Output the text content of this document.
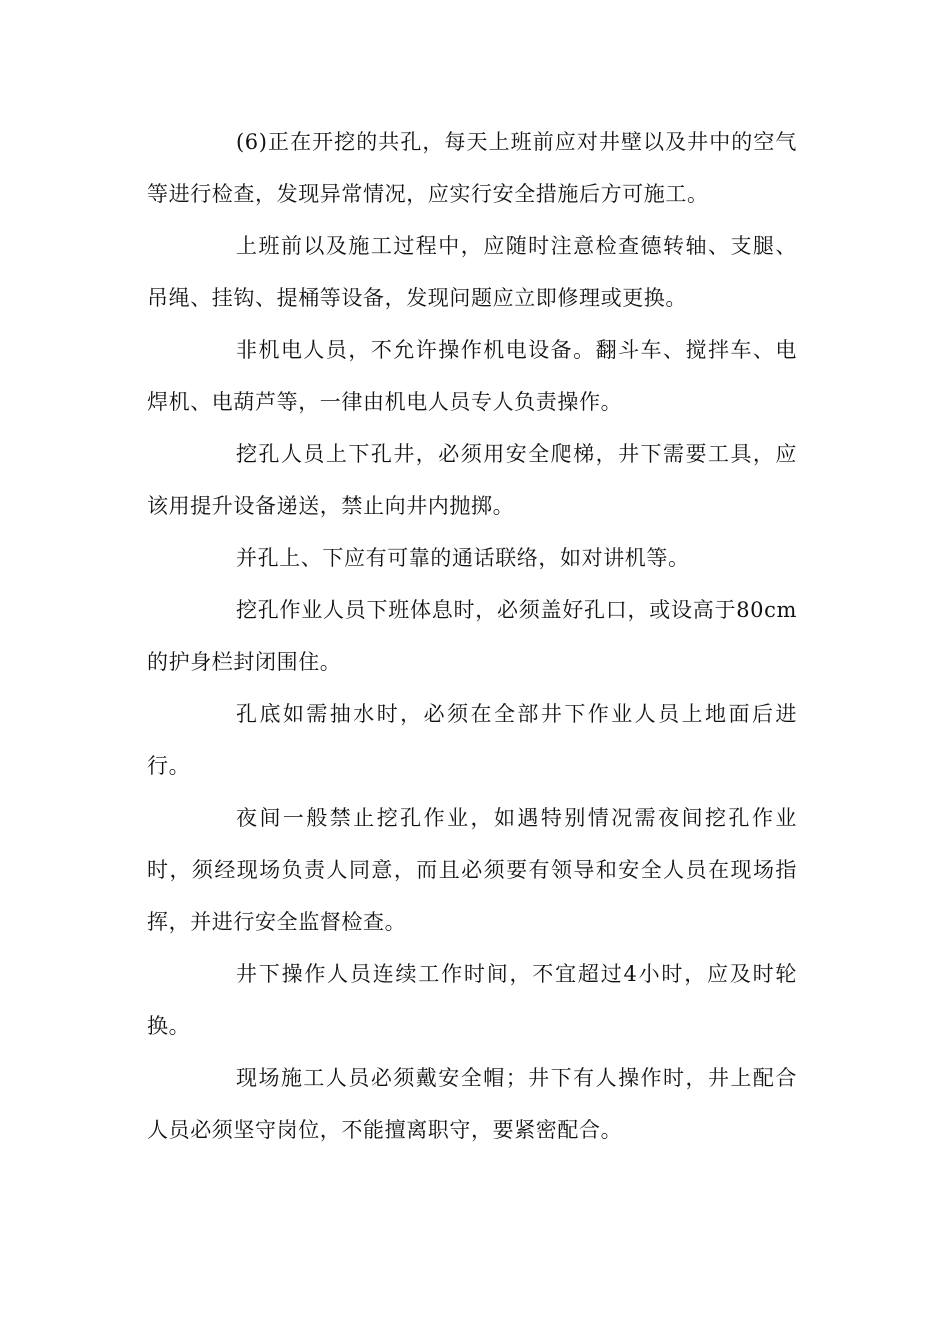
(6)正在开挖的共孔，每天上班前应对井壁以及井中的空气等进行检查，发现异常情况，应实行安全措施后方可施工。

上班前以及施工过程中，应随时注意检查德转轴、支腿、吊绳、挂钩、提桶等设备，发现问题应立即修理或更换。

非机电人员，不允许操作机电设备。翻斗车、搅拌车、电焊机、电葫芦等，一律由机电人员专人负责操作。

挖孔人员上下孔井，必须用安全爬梯，井下需要工具，应该用提升设备递送，禁止向井内抛掷。

并孔上、下应有可靠的通话联络，如对讲机等。

挖孔作业人员下班体息时，必须盖好孔口，或设高于80cm的护身栏封闭围住。

孔底如需抽水时，必须在全部井下作业人员上地面后进行。

夜间一般禁止挖孔作业，如遇特别情况需夜间挖孔作业时，须经现场负责人同意，而且必须要有领导和安全人员在现场指挥，并进行安全监督检查。

井下操作人员连续工作时间，不宜超过4小时，应及时轮换。

现场施工人员必须戴安全帽；井下有人操作时，井上配合人员必须坚守岗位，不能擅离职守，要紧密配合。
